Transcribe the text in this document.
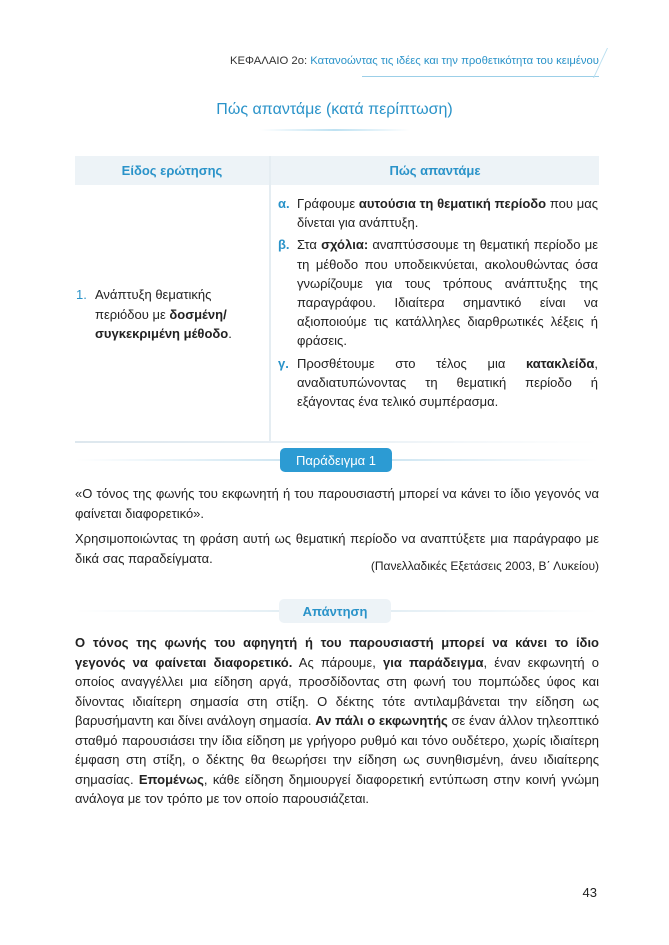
ΚΕΦΑΛΑΙΟ 2ο: Κατανοώντας τις ιδέες και την προθετικότητα του κειμένου
Πώς απαντάμε (κατά περίπτωση)
Είδος ερώτησης	Πώς απαντάμε
1. Ανάπτυξη θεματικής
περιόδου με δοσμένη/
συγκεκριμένη μέθοδο.
α. Γράφουμε αυτούσια τη θεματική περίοδο που μας δίνεται για ανάπτυξη.
β. Στα σχόλια: αναπτύσσουμε τη θεματική περίοδο με τη μέθοδο που υποδεικνύεται, ακολουθώντας όσα γνωρίζουμε για τους τρόπους ανάπτυξης της παραγράφου. Ιδιαίτερα σημαντικό είναι να αξιοποιούμε τις κατάλληλες διαρθρωτικές λέξεις ή φράσεις.
γ. Προσθέτουμε στο τέλος μια κατακλείδα, αναδιατυπώνοντας τη θεματική περίοδο ή εξάγοντας ένα τελικό συμπέρασμα.
Παράδειγμα 1

«Ο τόνος της φωνής του εκφωνητή ή του παρουσιαστή μπορεί να κάνει το ίδιο γεγονός να φαίνεται διαφορετικό».

Χρησιμοποιώντας τη φράση αυτή ως θεματική περίοδο να αναπτύξετε μια παράγραφο με δικά σας παραδείγματα.

(Πανελλαδικές Εξετάσεις 2003, Β΄ Λυκείου)
Απάντηση
Ο τόνος της φωνής του αφηγητή ή του παρουσιαστή μπορεί να κάνει το ίδιο γεγονός να φαίνεται διαφορετικό. Ας πάρουμε, για παράδειγμα, έναν εκφωνητή ο οποίος αναγγέλλει μια είδηση αργά, προσδίδοντας στη φωνή του πομπώδες ύφος και δίνοντας ιδιαίτερη σημασία στη στίξη. Ο δέκτης τότε αντιλαμβάνεται την είδηση ως βαρυσήμαντη και δίνει ανάλογη σημασία. Αν πάλι ο εκφωνητής σε έναν άλλον τηλεοπτικό σταθμό παρουσιάσει την ίδια είδηση με γρήγορο ρυθμό και τόνο ουδέτερο, χωρίς ιδιαίτερη έμφαση στη στίξη, ο δέκτης θα θεωρήσει την είδηση ως συνηθισμένη, άνευ ιδιαίτερης σημασίας. Επομένως, κάθε είδηση δημιουργεί διαφορετική εντύπωση στην κοινή γνώμη ανάλογα με τον τρόπο με τον οποίο παρουσιάζεται.
43
